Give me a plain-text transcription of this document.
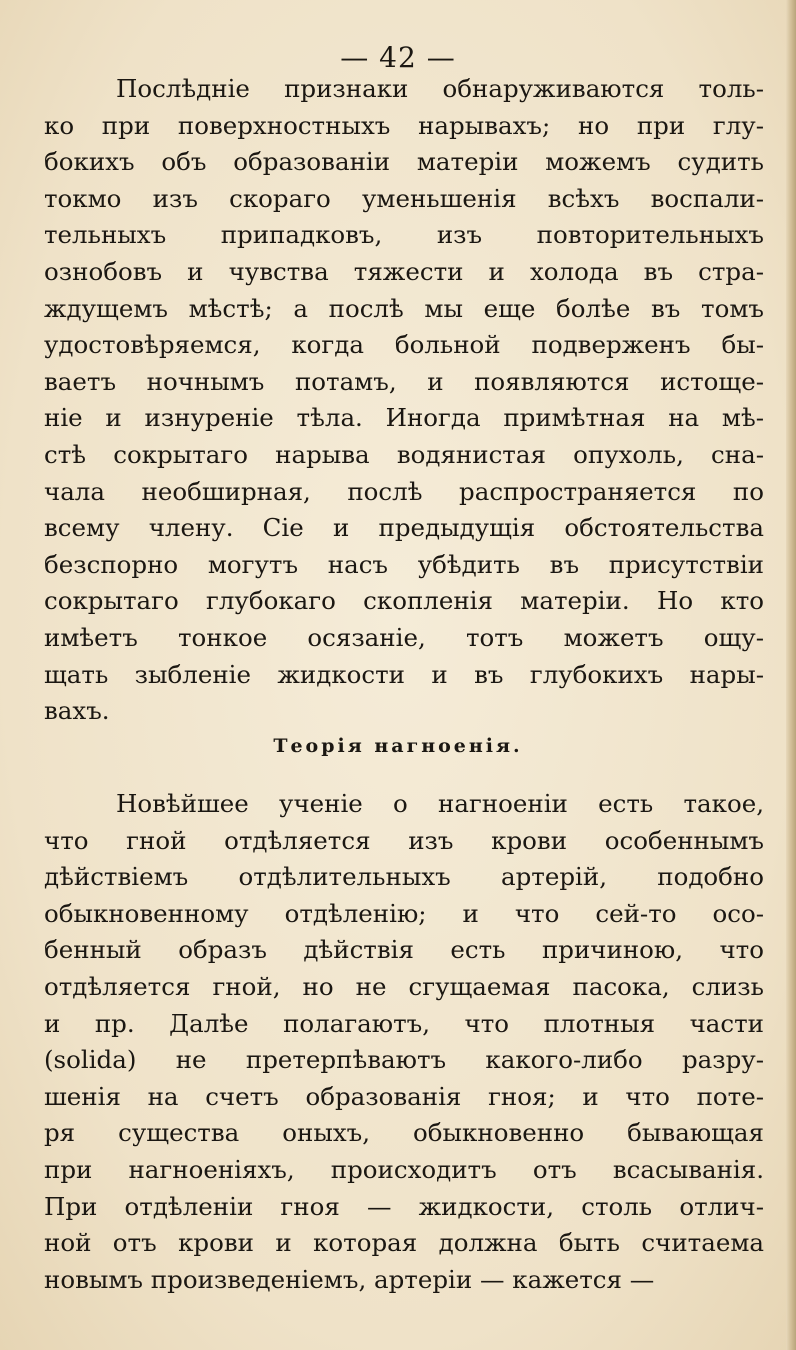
— 42 —
Послѣдніе признаки обнаруживаются толь-
ко при поверхностныхъ нарывахъ; но при глу-
бокихъ объ образованіи матеріи можемъ судить
токмо изъ скораго уменьшенія всѣхъ воспали-
тельныхъ припадковъ, изъ повторительныхъ
ознобовъ и чувства тяжести и холода въ стра-
ждущемъ мѣстѣ; а послѣ мы еще болѣе въ томъ
удостовѣряемся, когда больной подверженъ бы-
ваетъ ночнымъ потамъ, и появляются истоще-
ніе и изнуреніе тѣла. Иногда примѣтная на мѣ-
стѣ сокрытаго нарыва водянистая опухоль, сна-
чала необширная, послѣ распространяется по
всему члену. Сіе и предыдущія обстоятельства
безспорно могутъ насъ убѣдить въ присутствіи
сокрытаго глубокаго скопленія матеріи. Но кто
имѣетъ тонкое осязаніе, тотъ можетъ ощу-
щать зыбленіе жидкости и въ глубокихъ нары-
вахъ.
Теорія нагноенія.
Новѣйшее ученіе о нагноеніи есть такое,
что гной отдѣляется изъ крови особеннымъ
дѣйствіемъ отдѣлительныхъ артерій, подобно
обыкновенному отдѣленію; и что сей-то осо-
бенный образъ дѣйствія есть причиною, что
отдѣляется гной, но не сгущаемая пасока, слизь
и пр. Далѣе полагаютъ, что плотныя части
(solida) не претерпѣваютъ какого-либо разру-
шенія на счетъ образованія гноя; и что поте-
ря существа оныхъ, обыкновенно бывающая
при нагноеніяхъ, происходитъ отъ всасыванія.
При отдѣленіи гноя — жидкости, столь отлич-
ной отъ крови и которая должна быть считаема
новымъ произведеніемъ, артеріи — кажется —
